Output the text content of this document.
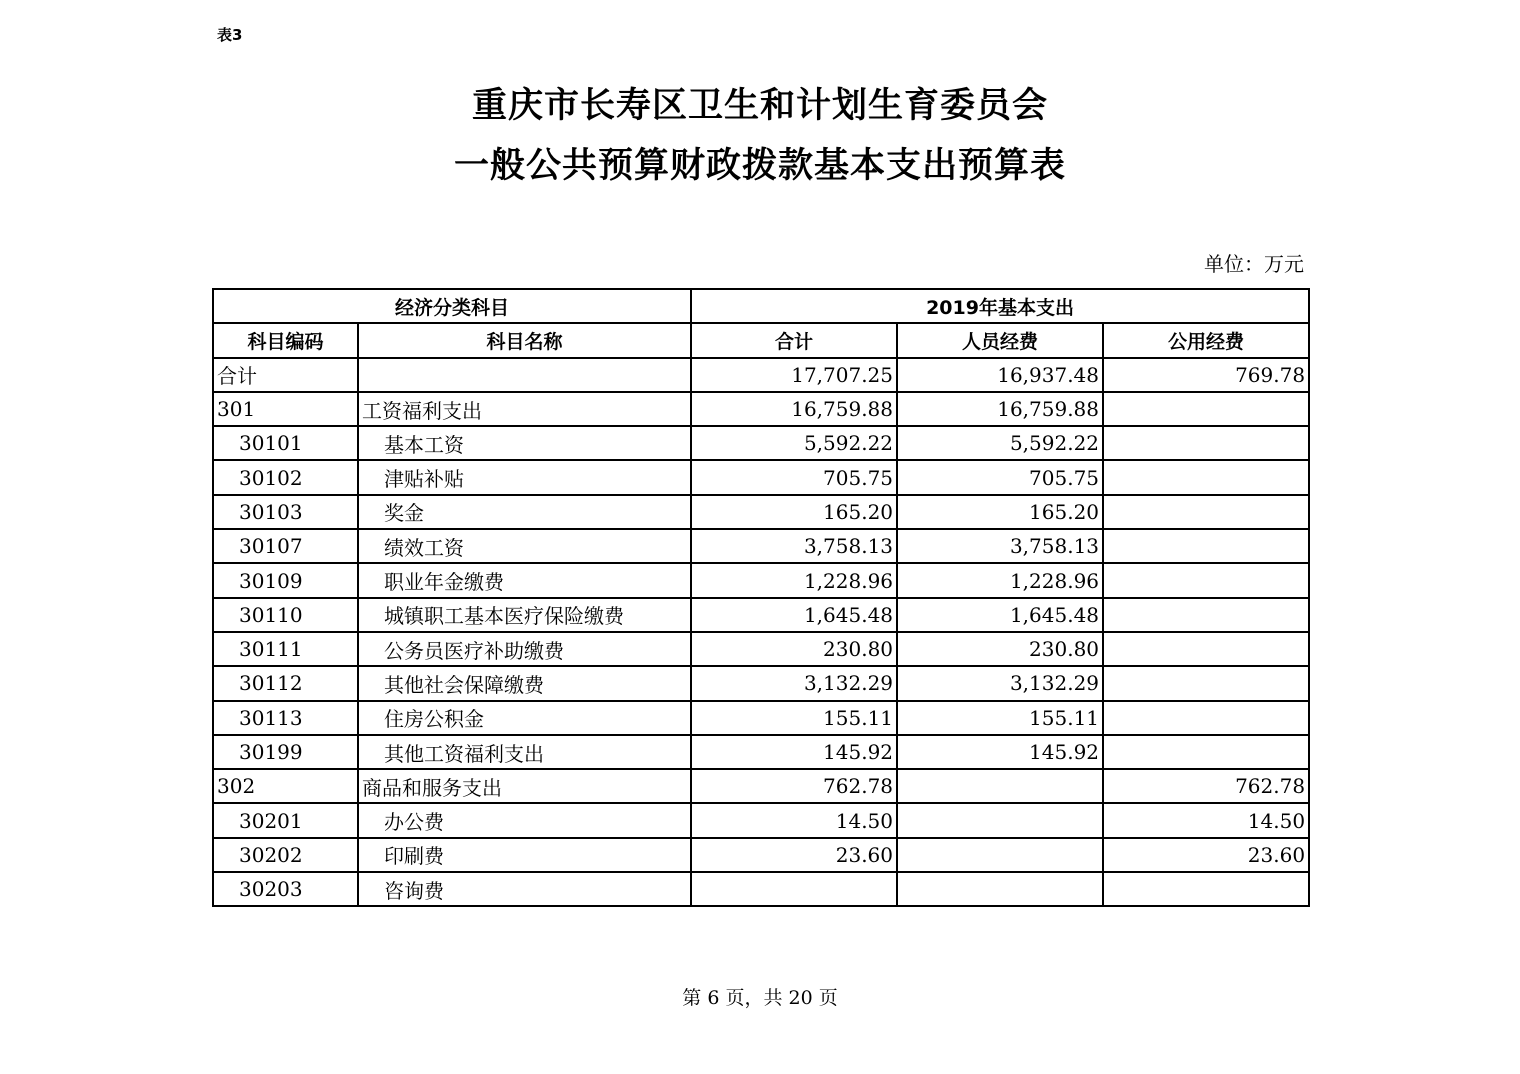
表3
重庆市长寿区卫生和计划生育委员会
一般公共预算财政拨款基本支出预算表
单位：万元
经济分类科目		2019年基本支出		
科目编码	科目名称	合计	人员经费	公用经费
合计		17,707.25	16,937.48	769.78
301	工资福利支出	16,759.88	16,759.88	
30101	基本工资	5,592.22	5,592.22	
30102	津贴补贴	705.75	705.75	
30103	奖金	165.20	165.20	
30107	绩效工资	3,758.13	3,758.13	
30109	职业年金缴费	1,228.96	1,228.96	
30110	城镇职工基本医疗保险缴费	1,645.48	1,645.48	
30111	公务员医疗补助缴费	230.80	230.80	
30112	其他社会保障缴费	3,132.29	3,132.29	
30113	住房公积金	155.11	155.11	
30199	其他工资福利支出	145.92	145.92	
302	商品和服务支出	762.78		762.78
30201	办公费	14.50		14.50
30202	印刷费	23.60		23.60
30203	咨询费			
第 6 页，共 20 页
